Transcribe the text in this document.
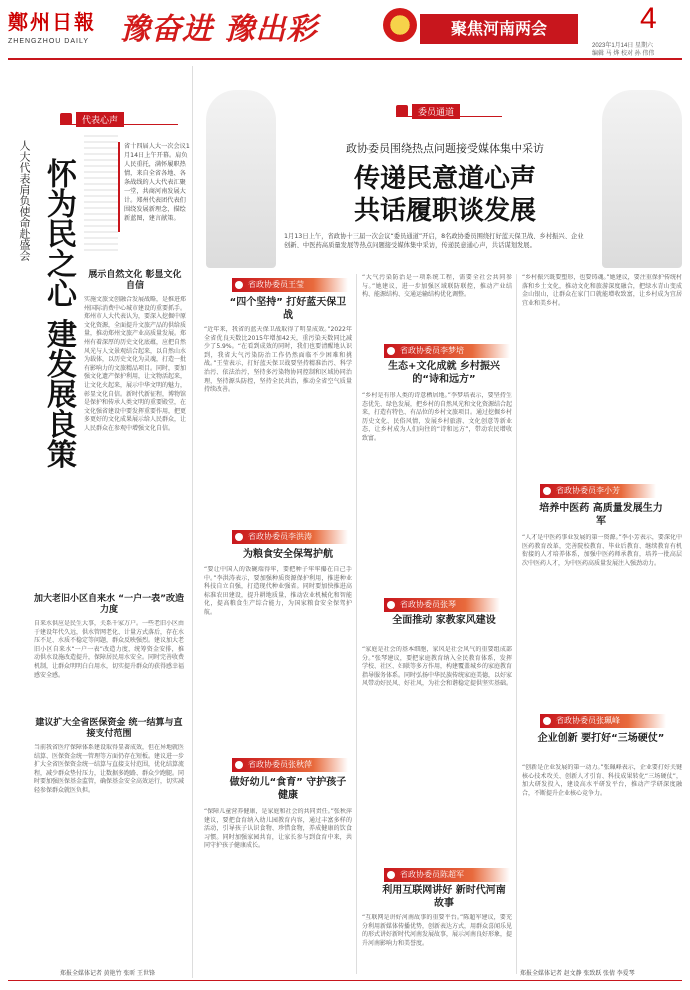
鄭州日報
ZHENGZHOU DAILY 豫奋进 豫出彩	聚焦河南两会	4
2023年1月14日 星期六
编辑 马 烨 校对 孙 伟伟
代表心声
人大代表肩负使命赴盛会 怀为民之心 建发展良策
省十四届人大一次会议1月14日上午开幕。肩负人民重托，满怀履职热情，来自全省各地、各条战线的人大代表汇聚一堂，共商河南发展大计。郑州代表团代表们围绕发展新理念，描绘新蓝图，建言献策。
展示自然文化 彰显文化自信
实施文旅文创融合发展战略，是推进郑州国际消费中心城市建设的重要抓手。郑州市人大代表认为，要深入挖掘中原文化资源，全面提升文旅产品的供给质量，推动郑州文旅产业高质量发展。郑州有着深厚的历史文化底蕴，应把自然风光与人文景观结合起来，以自然山水为载体，以历史文化为灵魂，打造一批有影响力的文旅精品项目。同时，要加强文化遗产保护利用，让文物活起来，让文化火起来，展示中华文明的魅力，彰显文化自信。新时代新征程，博物馆是保护和传承人类文明的重要殿堂，在文化强省建设中要发挥重要作用，把更多更好的文化成果展示给人民群众，让人民群众在参观中增强文化自信。
加大老旧小区自来水 “一户一表”改造力度
自来水供应是民生大事，关系千家万户。一些老旧小区由于建设年代久远，供水管网老化、计量方式落后，存在水压不足、水质不稳定等问题，群众反映强烈。建议加大老旧小区自来水“一户一表”改造力度，统筹资金安排，推动供水设施改造提升，保障居民用水安全。同时完善收费机制，让群众明明白白用水，切实提升群众的获得感幸福感安全感。
建议扩大全省医保资金 统一结算与直接支付范围
当前我省医疗保障体系建设取得显著成效，但在异地就医结算、医保资金统一管理等方面仍存在短板。建议进一步扩大全省医保资金统一结算与直接支付范围，优化结算流程，减少群众垫付压力，让数据多跑路、群众少跑腿。同时要加强医保基金监管，确保基金安全高效运行，切实减轻参保群众就医负担。
郑报全媒体记者 黄艳竹 张昕 王世锋
委员通道
政协委员围绕热点问题接受媒体集中采访
传递民意道心声
共话履职谈发展
1月13日上午，省政协十三届一次会议“委员通道”开启，8名政协委员围绕打好蓝天保卫战、乡村振兴、企业创新、中医药高质量发展等热点问题接受媒体集中采访，传递民意通心声，共话谋划发展。
省政协委员王莹
“四个坚持” 打好蓝天保卫战
“近年来，我省的蓝天保卫战取得了明显成效。”2022年全省优良天数比2015年增加42天，重污染天数同比减少了5.9%。“在看到成效的同时，我们也要清醒地认识到，我省大气污染防治工作仍然面临不少困难和挑战。”王莹表示，打好蓝天保卫战要坚持精准治污、科学治污、依法治污，坚持多污染物协同控制和区域协同治理，坚持源头防控，坚持全民共治，推动全省空气质量持续改善。
省政协委员李洪涛
为粮食安全保驾护航
“要让中国人的饭碗端得牢，要把种子牢牢攥在自己手中。”李洪涛表示，要加强种质资源保护利用，推进种业科技自立自强，打造现代种业强省。同时要加快推进高标准农田建设，提升耕地质量，推动农业机械化和智能化，提高粮食生产综合能力，为国家粮食安全保驾护航。
省政协委员张秋萍
做好幼儿“食育” 守护孩子健康
“保障儿童营养健康，是家庭和社会的共同责任。”张秋萍建议，要把食育纳入幼儿园教育内容，通过丰富多样的活动，引导孩子认识食物、珍惜食物，养成健康的饮食习惯。同时加强家园共育，让家长参与到食育中来，共同守护孩子健康成长。
“大气污染防治是一项系统工程，需要全社会共同参与。”她建议，进一步加强区域联防联控，推动产业结构、能源结构、交通运输结构优化调整。
省政协委员李梦培
生态+文化成就 乡村振兴的“诗和远方”
“乡村是有形人类的诗意栖居地。”李梦培表示，要坚持生态优先、绿色发展，把乡村的自然风光和文化资源结合起来，打造有特色、有品位的乡村文旅项目。通过挖掘乡村历史文化、民俗风情，发展乡村旅游、文化创意等新业态，让乡村成为人们向往的“诗和远方”，带动农民增收致富。
省政协委员张琴
全面推动 家教家风建设
“家庭是社会的基本细胞，家风是社会风气的重要组成部分。”张琴建议，要把家庭教育纳入全民教育体系，发挥学校、社区、妇联等多方作用，构建覆盖城乡的家庭教育指导服务体系。同时弘扬中华民族传统家庭美德，以好家风带动好民风、好社风，为社会和谐稳定提供坚实基础。
省政协委员陈超军
利用互联网讲好 新时代河南故事
“互联网是讲好河南故事的重要平台。”陈超军建议，要充分利用新媒体传播优势，创新表达方式，用群众喜闻乐见的形式讲好新时代河南发展故事，展示河南良好形象，提升河南影响力和美誉度。
“乡村振兴既要塑形，也要铸魂。”她建议，要注重保护传统村落和乡土文化，推动文化和旅游深度融合，把绿水青山变成金山银山，让群众在家门口就能增收致富，让乡村成为宜居宜业和美乡村。
省政协委员李小芳
培养中医药 高质量发展生力军
“人才是中医药事业发展的第一资源。”李小芳表示，要深化中医药教育改革，完善院校教育、毕业后教育、继续教育有机衔接的人才培养体系，加强中医药师承教育，培养一批高层次中医药人才，为中医药高质量发展注入强劲动力。
省政协委员张珮峰
企业创新 要打好“三场硬仗”
“创新是企业发展的第一动力。”张珮峰表示，企业要打好关键核心技术攻关、创新人才引育、科技成果转化“三场硬仗”，加大研发投入，建设高水平研发平台，推动产学研深度融合，不断提升企业核心竞争力。
郑报全媒体记者 赵文静 张致跃 张倩 李爱琴
